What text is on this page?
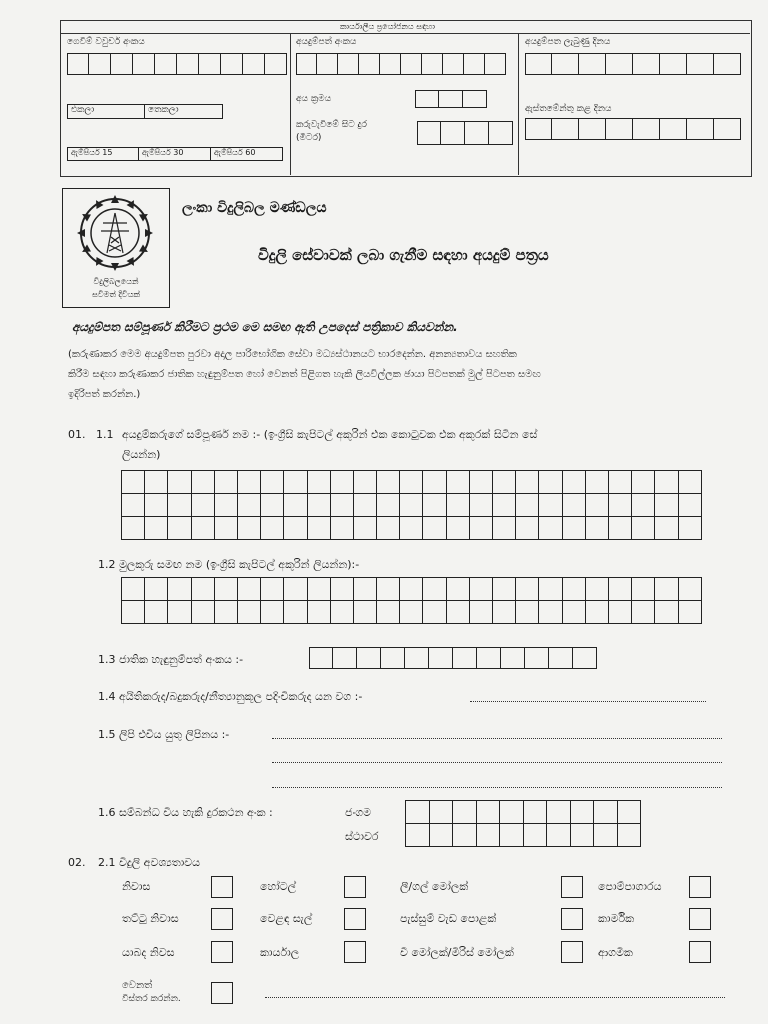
කාර්යාලීය ප්‍රයෝජනය සඳහා
ගෙවීම් වවුචර් අංකය
එකලා	තෙකලා
ඇම්පියර් 15	ඇම්පියර් 30	ඇම්පියර් 60
අයදුම්පත් අංකය
අය ක්‍රමය
කරුවැවිමේ සිට දුර
(මීටර)
අයදුම්පත ලැබුණු දිනය
ඇස්තමේන්තු කළ දිනය
විදුලිබලයෙන්
සවිමත් දිවියක්
ලංකා විදුලිබල මණ්ඩලය
විදුලි සේවාවක් ලබා ගැනීම සඳහා අයදුම් පත්‍රය
අයදුම්පත සම්පූර්ණ කිරීමට ප්‍රථම මෙ සමඟ ඇති උපදෙස් පත්‍රිකාව කියවන්න.
(කරුණාකර මෙම අයදුම්පත පුරවා අදාල පාරිභෝගික සේවා මධ්‍යස්ථානයට භාරදෙන්න. අනන්‍යතාවය සහතික
කිරීම සඳහා කරුණාකර ජාතික හැඳුනුම්පත හෝ වෙනත් පිළිගත හැකි ලියවිල්ලක ඡායා පිටපතක් මුල් පිටපත සමඟ
ඉදිරිපත් කරන්න.)
01. 1.1 අයදුම්කරුගේ සම්පූර්ණ නම :- (ඉංග්‍රීසි කැපිටල් අකුරින් එක කොටුවක එක අකුරක් සිටින සේ
ලියන්න)

1.2 මුලකුරු සමඟ නම (ඉංග්‍රීසි කැපිටල් අකුරින් ලියන්න):-

1.3 ජාතික හැඳුනුම්පත් අංකය :-
1.4 අයිතිකරුද/බදුකරුද/නීත්‍යානුකූල පදිංචිකරුද යන වග :-
1.5 ලිපි එවිය යුතු ලිපිනය :-
1.6 සම්බන්ධ විය හැකි දුරකථන අංක :	ජංගම
ස්ථාවර

02. 2.1 විදුලි අවශ්‍යතාවය
නිවාස	හෝටල්	ලී/ගල් මෝලක්	පොම්පාගාරය
තට්ටු නිවාස	වෙළඳ සැල්	පැස්සුම් වැඩ පොළක්	කාර්මික
යාබද නිවස	කාර්යාල	වී මෝලක්/මිරිස් මෝලක්	ආගමික
වෙනත්
විස්තර කරන්න.
